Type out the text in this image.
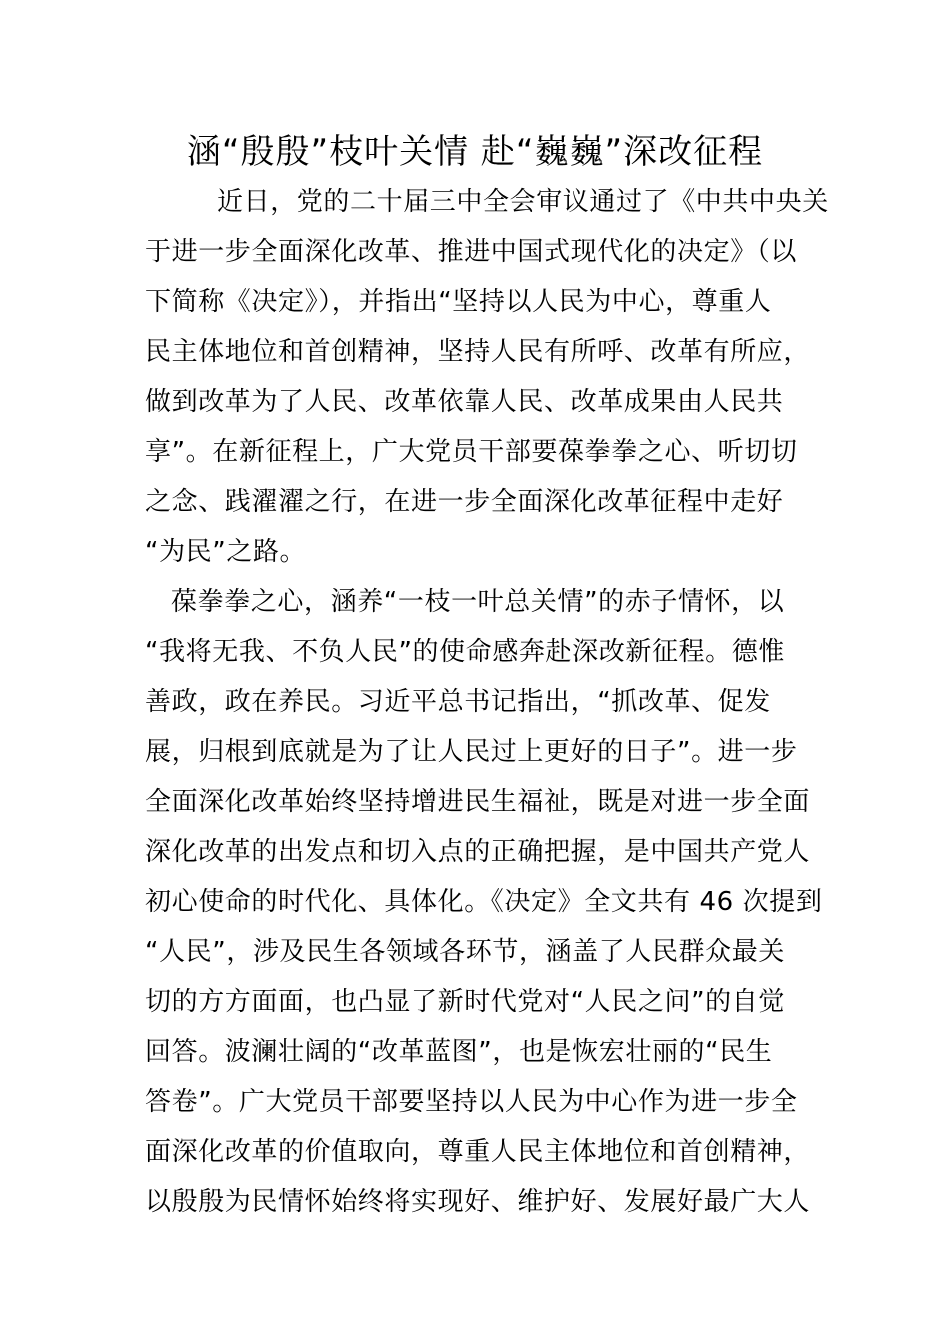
涵“殷殷”枝叶关情 赴“巍巍”深改征程
近日，党的二十届三中全会审议通过了《中共中央关
于进一步全面深化改革、推进中国式现代化的决定》（以
下简称《决定》），并指出“坚持以人民为中心，尊重人
民主体地位和首创精神，坚持人民有所呼、改革有所应，
做到改革为了人民、改革依靠人民、改革成果由人民共
享”。在新征程上，广大党员干部要葆拳拳之心、听切切
之念、践濯濯之行，在进一步全面深化改革征程中走好
“为民”之路。
葆拳拳之心，涵养“一枝一叶总关情”的赤子情怀，以
“我将无我、不负人民”的使命感奔赴深改新征程。德惟
善政，政在养民。习近平总书记指出，“抓改革、促发
展，归根到底就是为了让人民过上更好的日子”。进一步
全面深化改革始终坚持增进民生福祉，既是对进一步全面
深化改革的出发点和切入点的正确把握，是中国共产党人
初心使命的时代化、具体化。《决定》全文共有 46 次提到
“人民”，涉及民生各领域各环节，涵盖了人民群众最关
切的方方面面，也凸显了新时代党对“人民之问”的自觉
回答。波澜壮阔的“改革蓝图”，也是恢宏壮丽的“民生
答卷”。广大党员干部要坚持以人民为中心作为进一步全
面深化改革的价值取向，尊重人民主体地位和首创精神，
以殷殷为民情怀始终将实现好、维护好、发展好最广大人
